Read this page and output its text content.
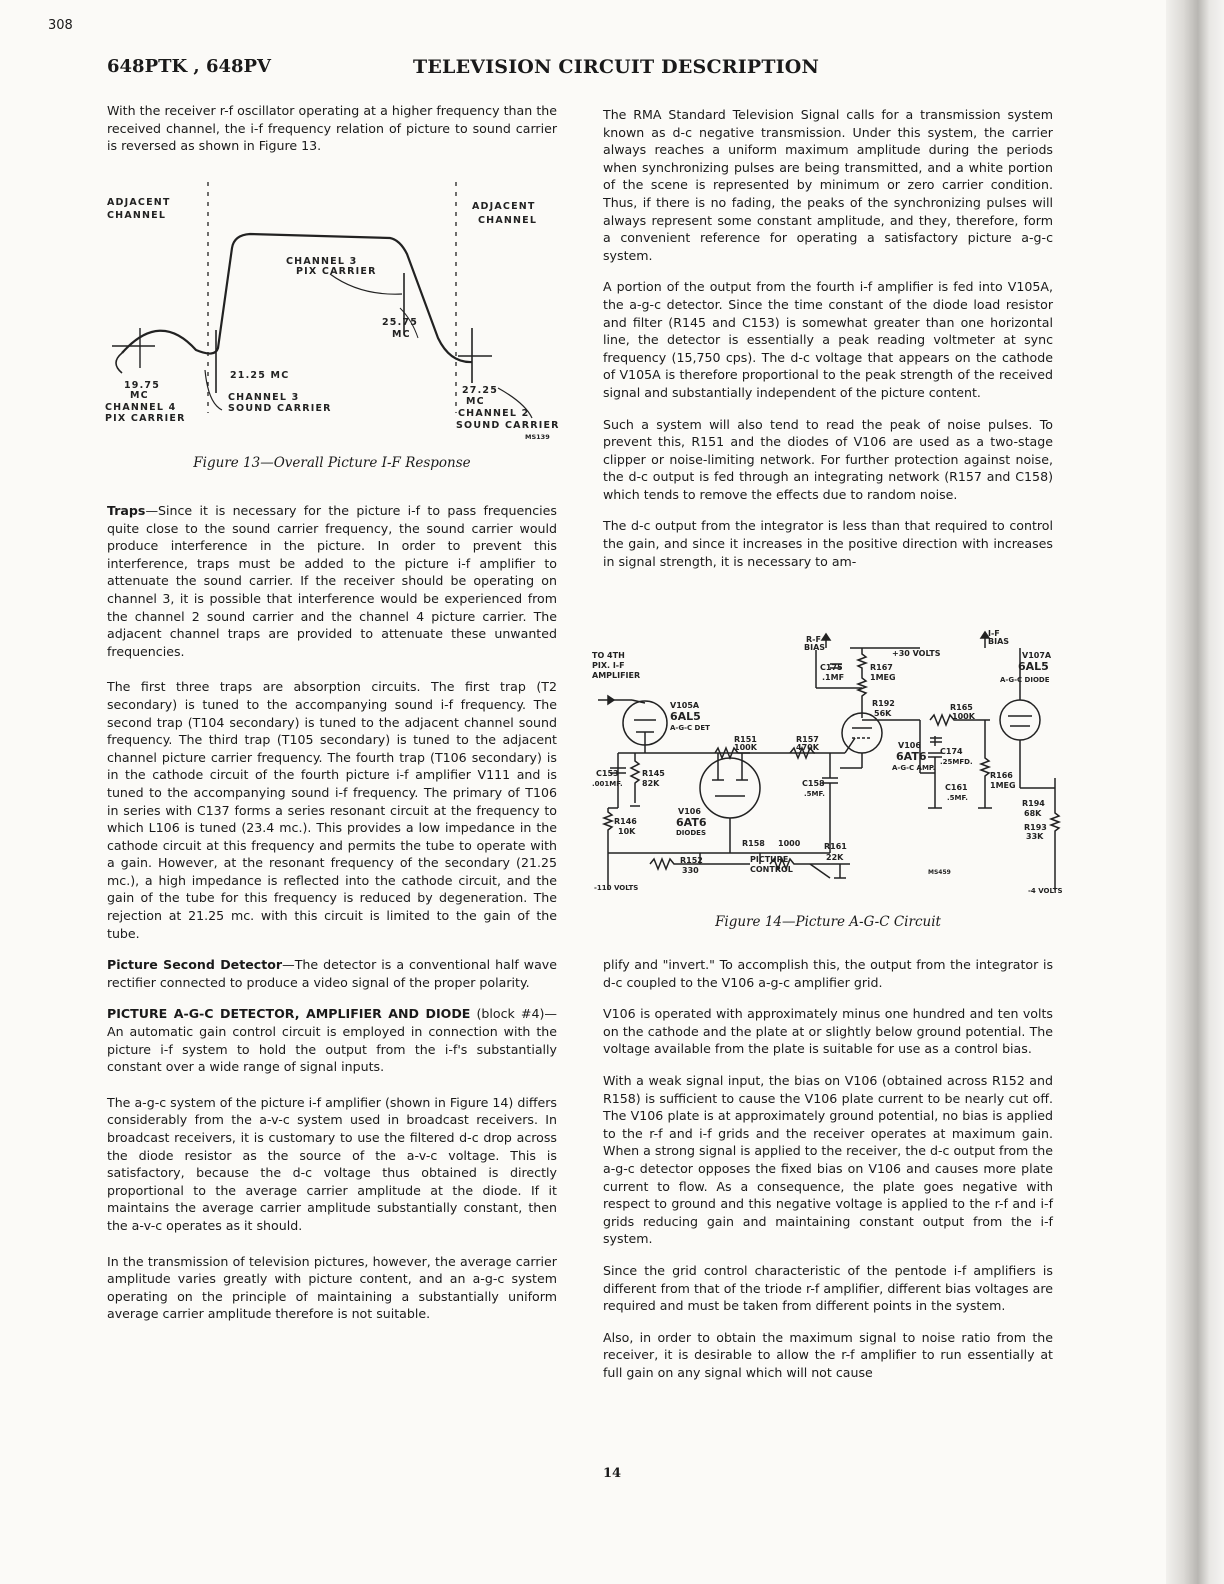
308
648PTK , 648PV	TELEVISION CIRCUIT DESCRIPTION

With the receiver r-f oscillator operating at a higher frequency than the received channel, the i-f frequency relation of picture to sound carrier is reversed as shown in Figure 13.

ADJACENT
CHANNEL
ADJACENT
CHANNEL
CHANNEL 3
PIX CARRIER
25.75
MC
21.25 MC
CHANNEL 3
SOUND CARRIER
19.75
MC
CHANNEL 4
PIX CARRIER
27.25
MC
CHANNEL 2
SOUND CARRIER
MS139
Figure 13—Overall Picture I-F Response

Traps—Since it is necessary for the picture i-f to pass frequencies quite close to the sound carrier frequency, the sound carrier would produce interference in the picture. In order to prevent this interference, traps must be added to the picture i-f amplifier to attenuate the sound carrier. If the receiver should be operating on channel 3, it is possible that interference would be experienced from the channel 2 sound carrier and the channel 4 picture carrier. The adjacent channel traps are provided to attenuate these unwanted frequencies.

The first three traps are absorption circuits. The first trap (T2 secondary) is tuned to the accompanying sound i-f frequency. The second trap (T104 secondary) is tuned to the adjacent channel sound frequency. The third trap (T105 secondary) is tuned to the adjacent channel picture carrier frequency. The fourth trap (T106 secondary) is in the cathode circuit of the fourth picture i-f amplifier V111 and is tuned to the accompanying sound i-f frequency. The primary of T106 in series with C137 forms a series resonant circuit at the frequency to which L106 is tuned (23.4 mc.). This provides a low impedance in the cathode circuit at this frequency and permits the tube to operate with a gain. However, at the resonant frequency of the secondary (21.25 mc.), a high impedance is reflected into the cathode circuit, and the gain of the tube for this frequency is reduced by degeneration. The rejection at 21.25 mc. with this circuit is limited to the gain of the tube.

Picture Second Detector—The detector is a conventional half wave rectifier connected to produce a video signal of the proper polarity.

PICTURE A-G-C DETECTOR, AMPLIFIER AND DIODE (block #4)—An automatic gain control circuit is employed in connection with the picture i-f system to hold the output from the i-f's substantially constant over a wide range of signal inputs.

The a-g-c system of the picture i-f amplifier (shown in Figure 14) differs considerably from the a-v-c system used in broadcast receivers. In broadcast receivers, it is customary to use the filtered d-c drop across the diode resistor as the source of the a-v-c voltage. This is satisfactory, because the d-c voltage thus obtained is directly proportional to the average carrier amplitude at the diode. If it maintains the average carrier amplitude substantially constant, then the a-v-c operates as it should.

In the transmission of television pictures, however, the average carrier amplitude varies greatly with picture content, and an a-g-c system operating on the principle of maintaining a substantially uniform average carrier amplitude therefore is not suitable.

The RMA Standard Television Signal calls for a transmission system known as d-c negative transmission. Under this system, the carrier always reaches a uniform maximum amplitude during the periods when synchronizing pulses are being transmitted, and a white portion of the scene is represented by minimum or zero carrier condition. Thus, if there is no fading, the peaks of the synchronizing pulses will always represent some constant amplitude, and they, therefore, form a convenient reference for operating a satisfactory picture a-g-c system.

A portion of the output from the fourth i-f amplifier is fed into V105A, the a-g-c detector. Since the time constant of the diode load resistor and filter (R145 and C153) is somewhat greater than one horizontal line, the detector is essentially a peak reading voltmeter at sync frequency (15,750 cps). The d-c voltage that appears on the cathode of V105A is therefore proportional to the peak strength of the received signal and substantially independent of the picture content.

Such a system will also tend to read the peak of noise pulses. To prevent this, R151 and the diodes of V106 are used as a two-stage clipper or noise-limiting network. For further protection against noise, the d-c output is fed through an integrating network (R157 and C158) which tends to remove the effects due to random noise.

The d-c output from the integrator is less than that required to control the gain, and since it increases in the positive direction with increases in signal strength, it is necessary to am-

TO 4TH
PIX. I-F
AMPLIFIER
R-F
BIAS
I-F
BIAS
+30 VOLTS
C175
.1MF
R167
1MEG
V107A
6AL5
A-G-C DIODE
V105A
6AL5
A-G-C DET
R192
56K
R165
100K
R151
100K
R157
470K	V106
6AT6
A-G-C AMP.
C174
.25MFD.
C153
.001MF.
R145
82K	C158
.5MF.
C161
.5MF.
R166
1MEG
R146
10K
V106
6AT6
DIODES
R194
68K
R193
33K
R158 1000	R161
22K
R152
330
PICTURE
CONTROL	MS459
-110 VOLTS	-4 VOLTS
Figure 14—Picture A-G-C Circuit

plify and "invert." To accomplish this, the output from the integrator is d-c coupled to the V106 a-g-c amplifier grid.

V106 is operated with approximately minus one hundred and ten volts on the cathode and the plate at or slightly below ground potential. The voltage available from the plate is suitable for use as a control bias.

With a weak signal input, the bias on V106 (obtained across R152 and R158) is sufficient to cause the V106 plate current to be nearly cut off. The V106 plate is at approximately ground potential, no bias is applied to the r-f and i-f grids and the receiver operates at maximum gain. When a strong signal is applied to the receiver, the d-c output from the a-g-c detector opposes the fixed bias on V106 and causes more plate current to flow. As a consequence, the plate goes negative with respect to ground and this negative voltage is applied to the r-f and i-f grids reducing gain and maintaining constant output from the i-f system.

Since the grid control characteristic of the pentode i-f amplifiers is different from that of the triode r-f amplifier, different bias voltages are required and must be taken from different points in the system.

Also, in order to obtain the maximum signal to noise ratio from the receiver, it is desirable to allow the r-f amplifier to run essentially at full gain on any signal which will not cause

14
